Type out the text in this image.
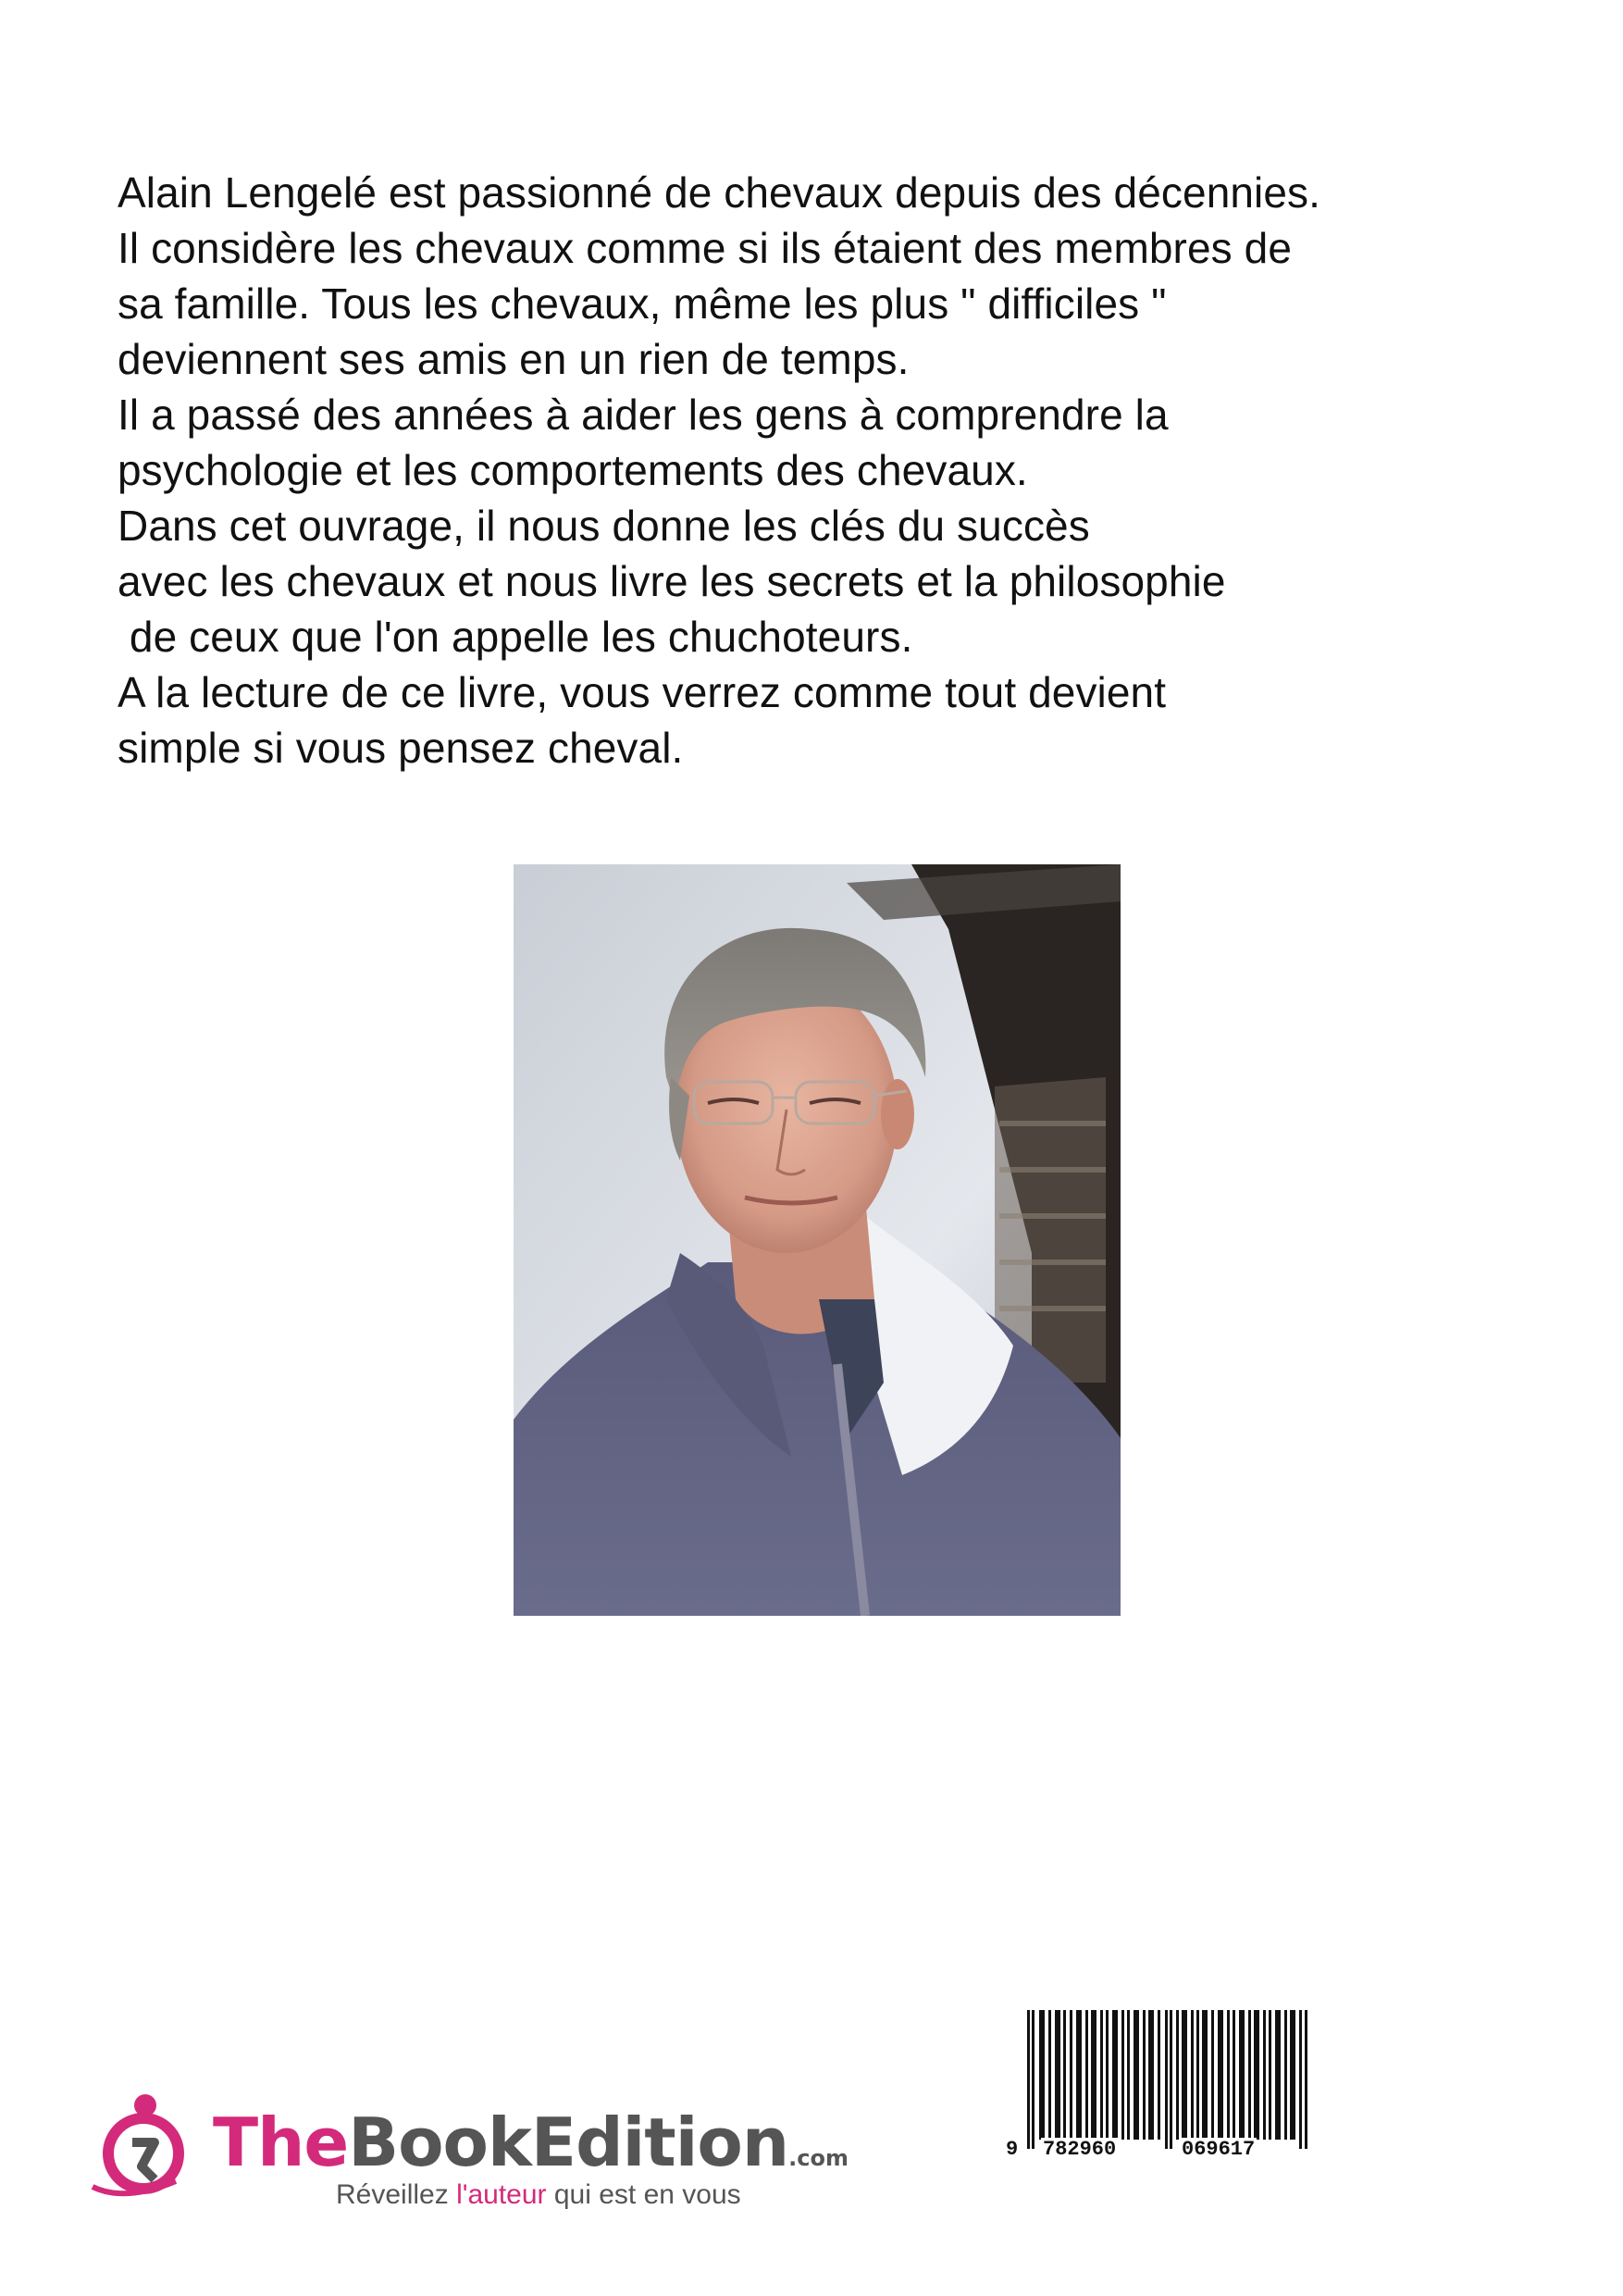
Alain Lengelé est passionné de chevaux depuis des décennies.
Il considère les chevaux comme si ils étaient des membres de
sa famille. Tous les chevaux, même les plus " difficiles "
deviennent ses amis en un rien de temps.
Il a passé des années à aider les gens à comprendre la
psychologie et les comportements des chevaux.
Dans cet ouvrage, il nous donne les clés du succès
avec les chevaux et nous livre les secrets et la philosophie
de ceux que l'on appelle les chuchoteurs.
A la lecture de ce livre, vous verrez comme tout devient
simple si vous pensez cheval.
9 782960	069617
TheBookEdition.com
Réveillez l'auteur qui est en vous
